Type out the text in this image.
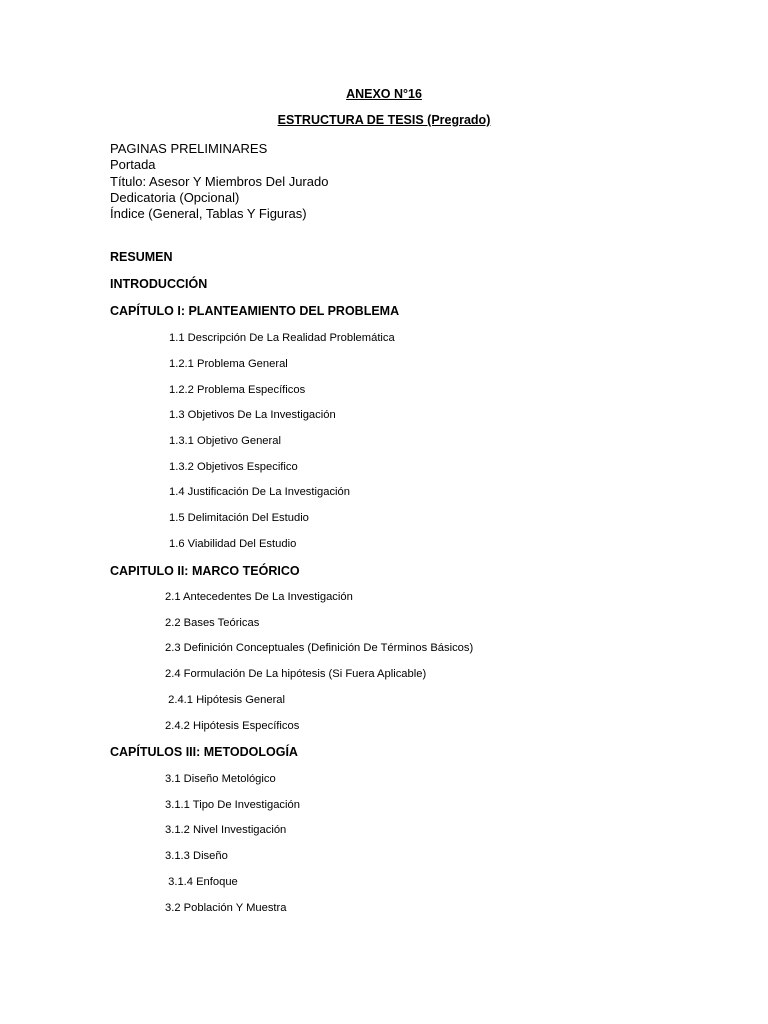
ANEXO N°16
ESTRUCTURA DE TESIS (Pregrado)
PAGINAS PRELIMINARES
Portada
Título: Asesor Y Miembros Del Jurado
Dedicatoria (Opcional)
Índice (General, Tablas Y Figuras)
RESUMEN
INTRODUCCIÓN
CAPÍTULO I: PLANTEAMIENTO DEL PROBLEMA
1.1 Descripción De La Realidad Problemática
1.2.1 Problema General
1.2.2 Problema Específicos
1.3 Objetivos De La Investigación
1.3.1 Objetivo General
1.3.2 Objetivos Especifico
1.4 Justificación De La Investigación
1.5 Delimitación Del Estudio
1.6 Viabilidad Del Estudio
CAPITULO II: MARCO TEÓRICO
2.1 Antecedentes De La Investigación
2.2 Bases Teóricas
2.3 Definición Conceptuales (Definición De Términos Básicos)
2.4 Formulación De La hipótesis (Si Fuera Aplicable)
2.4.1 Hipótesis General
2.4.2 Hipótesis Específicos
CAPÍTULOS III: METODOLOGÍA
3.1 Diseño Metológico
3.1.1 Tipo De Investigación
3.1.2 Nivel Investigación
3.1.3 Diseño
3.1.4 Enfoque
3.2 Población Y Muestra
